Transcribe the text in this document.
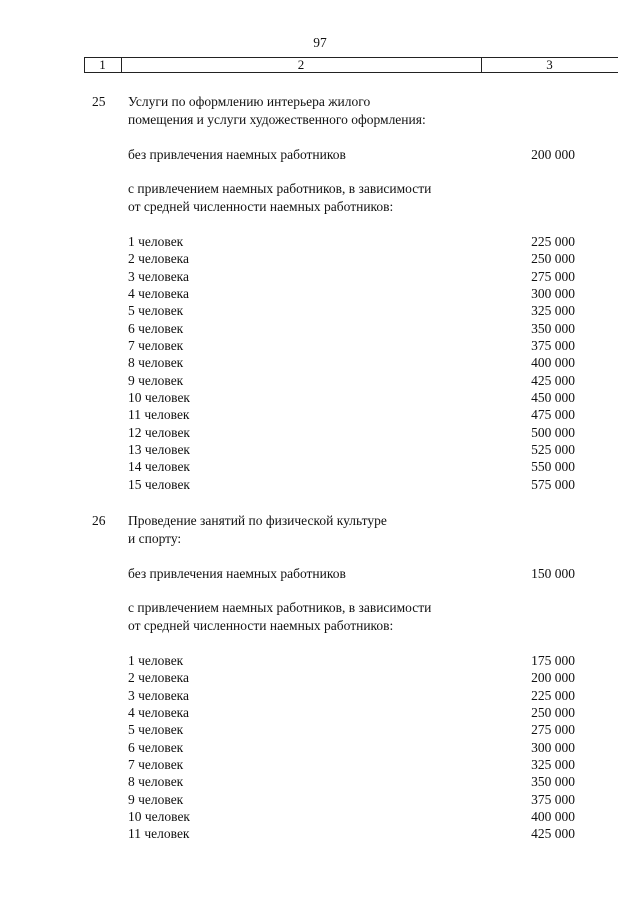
97
1	2	3
25 Услуги по оформлению интерьера жилого
помещения и услуги художественного оформления:
без привлечения наемных работников	200 000
с привлечением наемных работников, в зависимости
от средней численности наемных работников:
1 человек	225 000
2 человека	250 000
3 человека	275 000
4 человека	300 000
5 человек	325 000
6 человек	350 000
7 человек	375 000
8 человек	400 000
9 человек	425 000
10 человек	450 000
11 человек	475 000
12 человек	500 000
13 человек	525 000
14 человек	550 000
15 человек	575 000
26 Проведение занятий по физической культуре
и спорту:
без привлечения наемных работников	150 000
с привлечением наемных работников, в зависимости
от средней численности наемных работников:
1 человек	175 000
2 человека	200 000
3 человека	225 000
4 человека	250 000
5 человек	275 000
6 человек	300 000
7 человек	325 000
8 человек	350 000
9 человек	375 000
10 человек	400 000
11 человек	425 000
